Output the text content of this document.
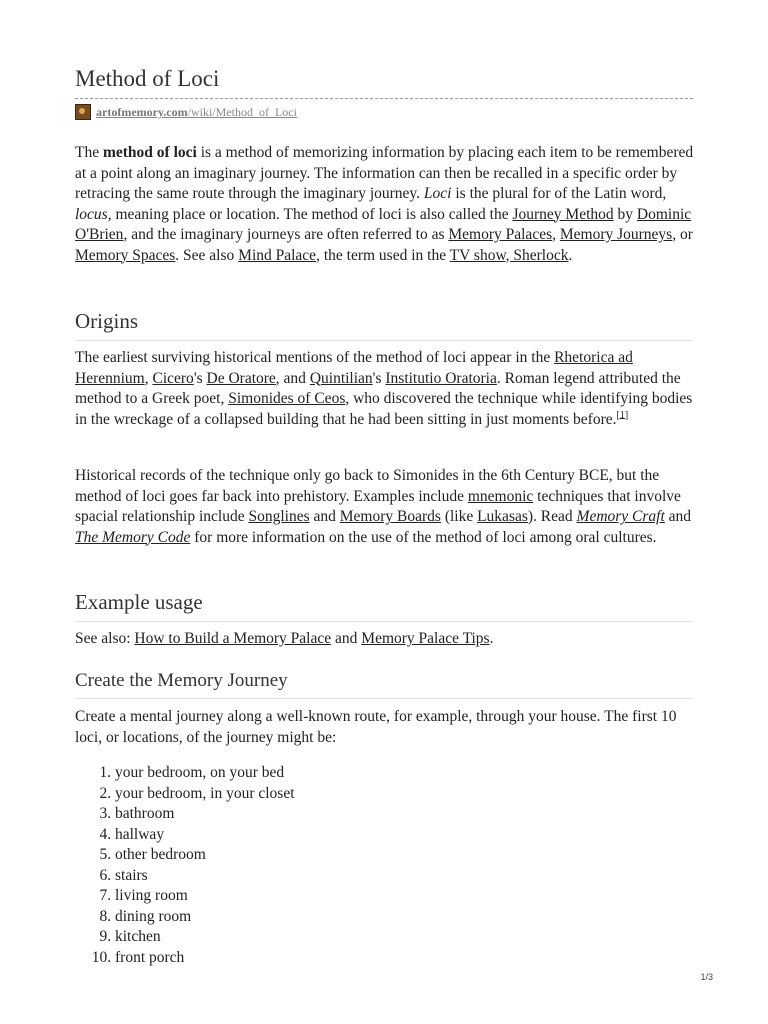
Method of Loci
artofmemory.com/wiki/Method_of_Loci

The method of loci is a method of memorizing information by placing each item to be remembered at a point along an imaginary journey. The information can then be recalled in a specific order by retracing the same route through the imaginary journey. Loci is the plural for of the Latin word, locus, meaning place or location. The method of loci is also called the Journey Method by Dominic O'Brien, and the imaginary journeys are often referred to as Memory Palaces, Memory Journeys, or Memory Spaces. See also Mind Palace, the term used in the TV show, Sherlock.

Origins

The earliest surviving historical mentions of the method of loci appear in the Rhetorica ad Herennium, Cicero's De Oratore, and Quintilian's Institutio Oratoria. Roman legend attributed the method to a Greek poet, Simonides of Ceos, who discovered the technique while identifying bodies in the wreckage of a collapsed building that he had been sitting in just moments before.[1]

Historical records of the technique only go back to Simonides in the 6th Century BCE, but the method of loci goes far back into prehistory. Examples include mnemonic techniques that involve spacial relationship include Songlines and Memory Boards (like Lukasas). Read Memory Craft and The Memory Code for more information on the use of the method of loci among oral cultures.

Example usage

See also: How to Build a Memory Palace and Memory Palace Tips.

Create the Memory Journey

Create a mental journey along a well-known route, for example, through your house. The first 10 loci, or locations, of the journey might be:

1. your bedroom, on your bed
2. your bedroom, in your closet
3. bathroom
4. hallway
5. other bedroom
6. stairs
7. living room
8. dining room
9. kitchen
10. front porch
1/3
